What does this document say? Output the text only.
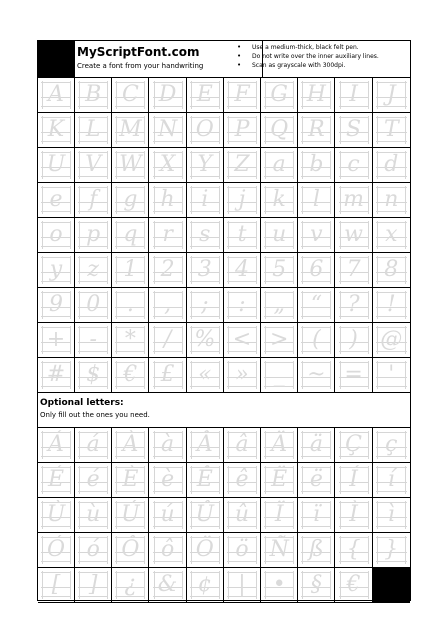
MyScriptFont.com
Create a font from your handwriting
• Use a medium-thick, black felt pen.
• Do not write over the inner auxiliary lines.
• Scan as grayscale with 300dpi.
A B C D E F G H	I	J
K L M N O P Q R S	T
U V W X	Y	Z	a	b	c	d
e	f	g	h	i	j	k	l	m n
o	p	q	r	s	t	u	v w	x
y	z	1	2	3	4	5	6	7	8
9	0	.	,	;	:	„	“	?	!
+	-	*	/	% < >	(	)	@
# $	€	£	«	»	_	~ =	'
Optional letters:
Only fill out the ones you need.
Á	á	À	à	Â	â	Ä	ä	Ç	ç
É	é	È	è	Ê	ê	Ë	ë	Í	í
Ù ù Ú ú Û û	Ï	ï	Ì	ì
Ó ó Ô ô Ö ö Ñ ß	{	}
[	]	¿ & ¢	|	•	§	€
